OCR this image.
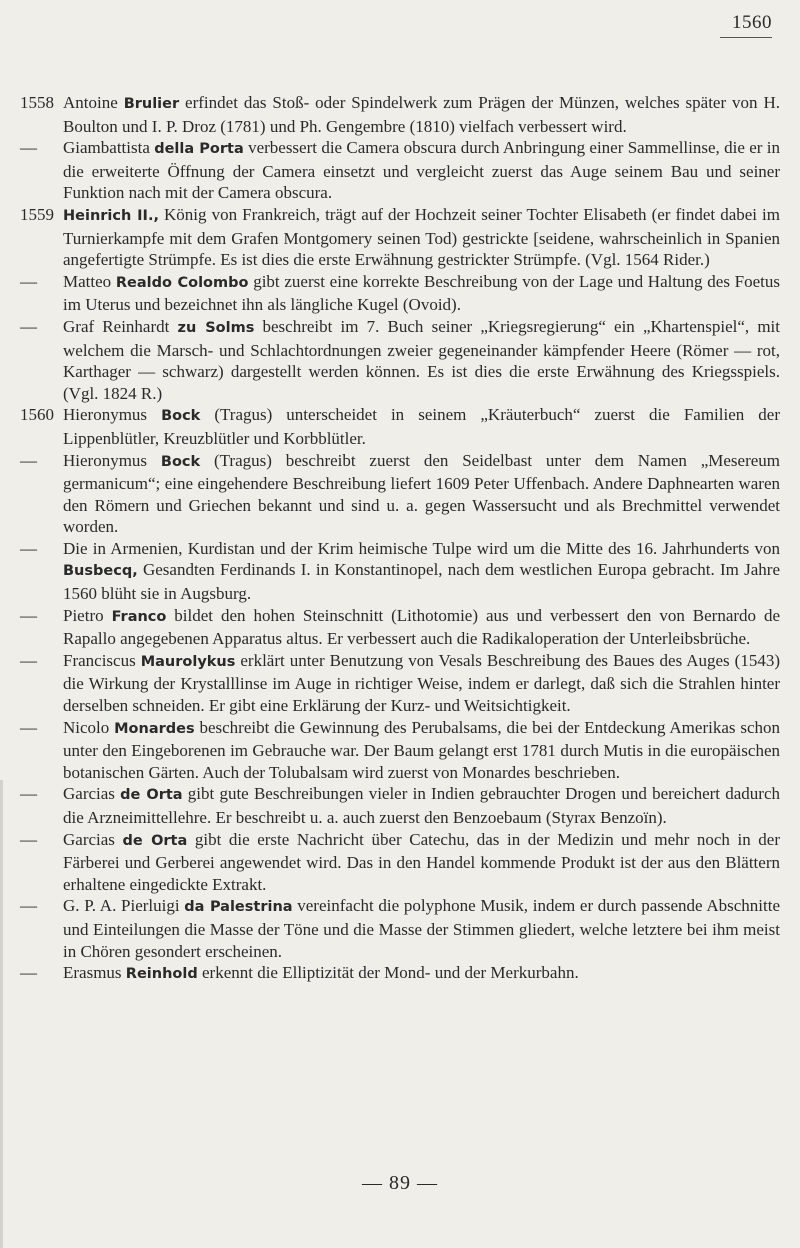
1560
1558 Antoine Brulier erfindet das Stoß- oder Spindelwerk zum Prägen der Münzen, welches später von H. Boulton und I. P. Droz (1781) und Ph. Gengembre (1810) vielfach verbessert wird.
—	Giambattista della Porta verbessert die Camera obscura durch Anbringung einer Sammellinse, die er in die erweiterte Öffnung der Camera einsetzt und vergleicht zuerst das Auge seinem Bau und seiner Funktion nach mit der Camera obscura.
1559 Heinrich II., König von Frankreich, trägt auf der Hochzeit seiner Tochter Elisabeth (er findet dabei im Turnierkampfe mit dem Grafen Montgomery seinen Tod) gestrickte [seidene, wahrscheinlich in Spanien angefertigte Strümpfe. Es ist dies die erste Erwähnung gestrickter Strümpfe. (Vgl. 1564 Rider.)
—	Matteo Realdo Colombo gibt zuerst eine korrekte Beschreibung von der Lage und Haltung des Foetus im Uterus und bezeichnet ihn als längliche Kugel (Ovoid).
—	Graf Reinhardt zu Solms beschreibt im 7. Buch seiner „Kriegsregierung“ ein „Khartenspiel“, mit welchem die Marsch- und Schlachtordnungen zweier gegeneinander kämpfender Heere (Römer — rot, Karthager — schwarz) dargestellt werden können. Es ist dies die erste Erwähnung des Kriegsspiels. (Vgl. 1824 R.)
1560 Hieronymus Bock (Tragus) unterscheidet in seinem „Kräuterbuch“ zuerst die Familien der Lippenblütler, Kreuzblütler und Korbblütler.
—	Hieronymus Bock (Tragus) beschreibt zuerst den Seidelbast unter dem Namen „Mesereum germanicum“; eine eingehendere Beschreibung liefert 1609 Peter Uffenbach. Andere Daphnearten waren den Römern und Griechen bekannt und sind u. a. gegen Wassersucht und als Brechmittel verwendet worden.
—	Die in Armenien, Kurdistan und der Krim heimische Tulpe wird um die Mitte des 16. Jahrhunderts von Busbecq, Gesandten Ferdinands I. in Konstantinopel, nach dem westlichen Europa gebracht. Im Jahre 1560 blüht sie in Augsburg.
—	Pietro Franco bildet den hohen Steinschnitt (Lithotomie) aus und verbessert den von Bernardo de Rapallo angegebenen Apparatus altus. Er verbessert auch die Radikaloperation der Unterleibsbrüche.
—	Franciscus Maurolykus erklärt unter Benutzung von Vesals Beschreibung des Baues des Auges (1543) die Wirkung der Krystalllinse im Auge in richtiger Weise, indem er darlegt, daß sich die Strahlen hinter derselben schneiden. Er gibt eine Erklärung der Kurz- und Weitsichtigkeit.
—	Nicolo Monardes beschreibt die Gewinnung des Perubalsams, die bei der Entdeckung Amerikas schon unter den Eingeborenen im Gebrauche war. Der Baum gelangt erst 1781 durch Mutis in die europäischen botanischen Gärten. Auch der Tolubalsam wird zuerst von Monardes beschrieben.
—	Garcias de Orta gibt gute Beschreibungen vieler in Indien gebrauchter Drogen und bereichert dadurch die Arzneimittellehre. Er beschreibt u. a. auch zuerst den Benzoebaum (Styrax Benzoïn).
—	Garcias de Orta gibt die erste Nachricht über Catechu, das in der Medizin und mehr noch in der Färberei und Gerberei angewendet wird. Das in den Handel kommende Produkt ist der aus den Blättern erhaltene eingedickte Extrakt.
—	G. P. A. Pierluigi da Palestrina vereinfacht die polyphone Musik, indem er durch passende Abschnitte und Einteilungen die Masse der Töne und die Masse der Stimmen gliedert, welche letztere bei ihm meist in Chören gesondert erscheinen.
—	Erasmus Reinhold erkennt die Elliptizität der Mond- und der Merkurbahn.
— 89 —
